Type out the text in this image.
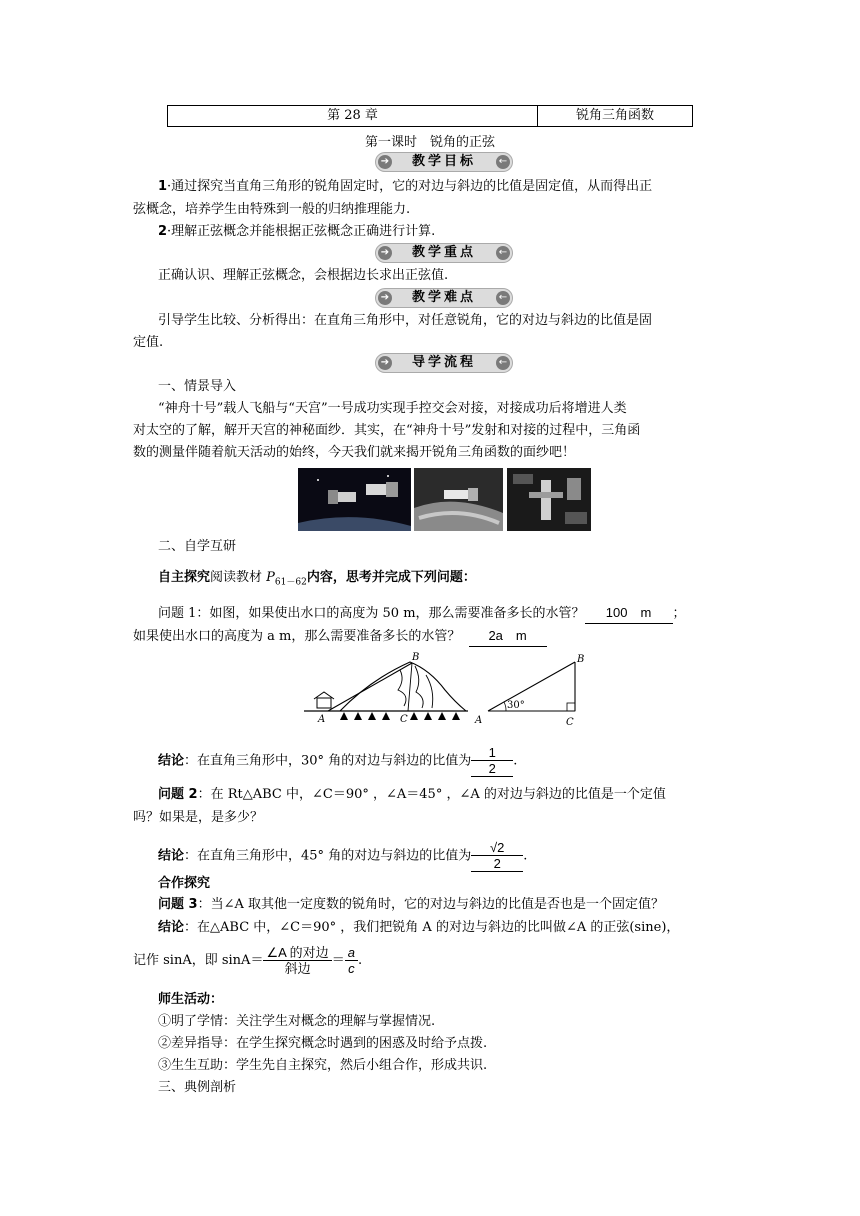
第 28 章	锐角三角函数
第一课时　锐角的正弦
➔	教学目标	←
1·通过探究当直角三角形的锐角固定时，它的对边与斜边的比值是固定值，从而得出正
弦概念，培养学生由特殊到一般的归纳推理能力.
2·理解正弦概念并能根据正弦概念正确进行计算.
➔	教学重点	←
正确认识、理解正弦概念，会根据边长求出正弦值.
➔	教学难点	←
引导学生比较、分析得出：在直角三角形中，对任意锐角，它的对边与斜边的比值是固
定值.
➔	导学流程	←
一、情景导入
“神舟十号”载人飞船与“天宫”一号成功实现手控交会对接，对接成功后将增进人类
对太空的了解，解开天宫的神秘面纱．其实，在“神舟十号”发射和对接的过程中，三角函
数的测量伴随着航天活动的始终，今天我们就来揭开锐角三角函数的面纱吧！
二、自学互研
自主探究阅读教材 $P_{61-62}$内容，思考并完成下列问题：
问题 1：如图，如果使出水口的高度为 50 m，那么需要准备多长的水管？ 100　m ；
如果使出水口的高度为 a m，那么需要准备多长的水管？ 2a　m
B
A	C
30°
B
A	C
结论：在直角三角形中，30° 角的对边与斜边的比值为 $\frac{1}{2}$ .
问题 2：在 Rt△ABC 中，∠C＝90° ，∠A＝45° ，∠A 的对边与斜边的比值是一个定值
吗？如果是，是多少？
结论：在直角三角形中，45° 角的对边与斜边的比值为 $\frac{√2}{2}$ .
合作探究
问题 3：当∠A 取其他一定度数的锐角时，它的对边与斜边的比值是否也是一个固定值？
结论：在△ABC 中，∠C＝90° ，我们把锐角 A 的对边与斜边的比叫做∠A 的正弦(sine)，
记作 sinA，即 $\sin A= \frac{\text{∠A 的对边}}{\text{斜边}} = \frac{a}{c}$ .
师生活动：
①明了学情：关注学生对概念的理解与掌握情况.
②差异指导：在学生探究概念时遇到的困惑及时给予点拨.
③生生互助：学生先自主探究，然后小组合作，形成共识.
三、典例剖析
